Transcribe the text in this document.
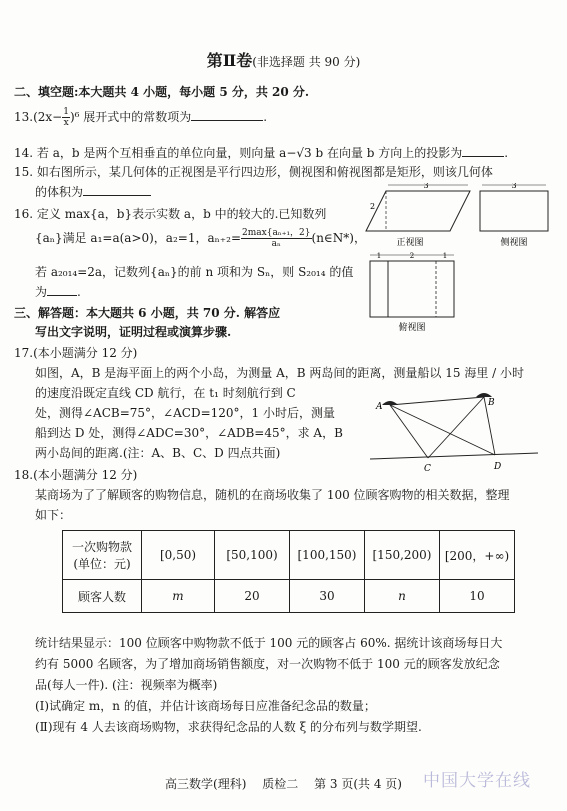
第Ⅱ卷(非选择题 共 90 分)
二、填空题:本大题共 4 小题，每小题 5 分，共 20 分.
$13.(2x- \frac{1}{x} )^6$ 展开式中的常数项为	.
14. 若 a，b 是两个互相垂直的单位向量，则向量 a−√3 b 在向量 b 方向上的投影为	.
15. 如右图所示，某几何体的正视图是平行四边形，侧视图和俯视图都是矩形，则该几何体
的体积为
16. 定义 max{a，b}表示实数 a，b 中的较大的.已知数列
{aₙ}满足 a₁=a(a>0)，a₂=1，$a_{n+2}= \frac{\text{2max\{aₙ₊₁，2\}}}{\text{aₙ}}$ (n∈N*)，
若 a₂₀₁₄=2a，记数列{aₙ}的前 n 项和为 Sₙ，则 S₂₀₁₄ 的值
为	.
3
2
正视图
3
侧视图
1	2	1
俯视图
三、解答题：本大题共 6 小题，共 70 分. 解答应
写出文字说明，证明过程或演算步骤.
17.(本小题满分 12 分)
如图，A，B 是海平面上的两个小岛，为测量 A，B 两岛间的距离，测量船以 15 海里 / 小时
的速度沿既定直线 CD 航行，在 t₁ 时刻航行到 C
处，测得∠ACB=75°，∠ACD=120°，1 小时后，测量
船到达 D 处，测得∠ADC=30°，∠ADB=45°，求 A，B
两小岛间的距离.(注：A、B、C、D 四点共面)
A	B
C	D
18.(本小题满分 12 分)
某商场为了了解顾客的购物信息，随机的在商场收集了 100 位顾客购物的相关数据，整理
如下：
一次购物款
(单位：元)	[0,50)	[50,100)	[100,150)	[150,200)	[200，+∞)
顾客人数	m	20	30	n	10
统计结果显示：100 位顾客中购物款不低于 100 元的顾客占 60%. 据统计该商场每日大
约有 5000 名顾客，为了增加商场销售额度，对一次购物不低于 100 元的顾客发放纪念
品(每人一件). (注：视频率为概率)
(Ⅰ)试确定 m，n 的值，并估计该商场每日应准备纪念品的数量；
(Ⅱ)现有 4 人去该商场购物，求获得纪念品的人数 ξ 的分布列与数学期望.
高三数学(理科) 质检二 第 3 页(共 4 页)	中国大学在线
